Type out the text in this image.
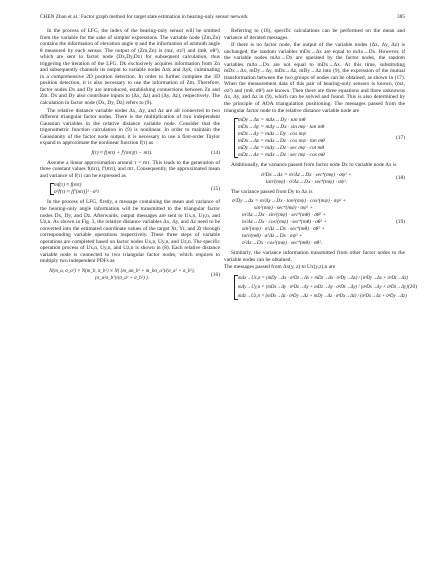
CHEN Zhan et al.: Factor graph method for target state estimation in bearing-only sensor network	385

In the process of LFG, the index of the bearing-only sensor will be omitted from the variable for the sake of simpler expressions. The variable node (Zm,Zn) contains the information of elevation angle ψ and the information of azimuth angle θ measured by each sensor. The output of (Zm,Zn) is (mz, σz²) and (mθ, σθ²), which are sent to factor node (Dx,Dy,Dz) for subsequent calculation, thus triggering the iteration of the LFG. Dk exclusively acquires information from Zn and subsequently channels its output to variable nodes Δxk and Δyk, culminating in a comprehensive 2D position detection. In order to further complete the 3D position detection, it is also necessary to use the information of Zm. Therefore, factor nodes Dx and Dy are introduced, establishing connections between Zn and Zm. Dx and Dy also contribute inputs to (Δx, Δz) and (Δy, Δz), respectively. The calculation in factor node (Dx, Dy, Dz) refers to (9).

The relative distance variable nodes Δx, Δy, and Δz are all connected to two different triangular factor nodes. There is the multiplication of two independent Gaussian variables in the relative distance variable node. Consider that the trigonometric function calculation in (9) is nonlinear. In order to maintain the Gaussianity of the factor node output, it is necessary to use a first-order Taylor expand to approximate the nonlinear function f(τ) as

f(τ) ≈ f(mτ) + f′(mτ)(τ − mτ).	(14)

Assume a linear approximation around τ = mτ. This leads to the generation of three constant values f(mτ), f′(mτ), and mτ. Consequently, the approximated mean and variance of f(τ) can be expressed as

mf(τ) ≈ f(mτ)
σ²f(τ) ≈ [f′(mτ)]² · σ²τ
(15)

In the process of LFG, firstly, a message containing the mean and variance of the bearing-only angle information will be transmitted to the triangular factor nodes Dx, Dy, and Dz. Afterwards, output messages are sent to Ux,n, Uy,n, and Uz,n. As shown in Fig. 3, the relative distance variables Δx, Δy, and Δz need to be converted into the estimated coordinate values of the target Xt, Yt, and Zt through corresponding variable operations respectively. These three steps of variable operations are completed based on factor nodes Ux,n, Uy,n, and Uz,n. The specific operation process of Ux,n, Uy,n, and Uz,n is shown in (8). Each relative distance variable node is connected to two triangular factor nodes, which requires to multiply two independent PDFs as

N(m_a, σ_a²) × N(m_b, σ_b²) ∝ N( (m_aσ_b² + m_bσ_a²)/(σ_a² + σ_b²), (σ_a²σ_b²)/(σ_a² + σ_b²) ).
(16)

Referring to (16), specific calculations can be performed on the mean and variance of iterated messages.

If there is no factor node, the output of the variable nodes (Δx, Δy, Δz) is unchanged, the random variables mDx→Δx are equal to mΔx→Dx. However, if the variable nodes mΔx→Dx are operated by the factor nodes, the random variables mΔx→Dx are not equal to mDx→Δx. At this time, substituting mDx→Δx, mDy→Δy, mDz→Δz, mDy→Δz into (9), the expression of the mutual transformation between the two groups of nodes can be obtained, as shown in (17). When the measurement data of this pair of bearing-only sensors is known, (mz, σz²) and (mθ, σθ²) are known. Then there are three equations and three unknowns Δx, Δy, and Δz in (9), which can be solved and found. This is also determined by the principle of AOA triangulation positioning. The messages passed from the triangular factor node to the relative distance variable node are

mDy→Δx = mΔx→Dy · tan mθ
mDx→Δy = mΔy→Dx · sin mψ · tan mθ
mDz→Δy = mΔz→Dy · cos mψ
mDx→Δz = mΔx→Dz · cos mψ · tan mθ
mDy→Δz = mΔy→Dz · sec mψ · cot mθ
mDz→Δx = mΔx→Dz · sec mψ · cos mθ
(17)

Additionally, the variance passed from factor node Dx to variable node Δx is

σ²Dx→Δx = m²Δz→Dx · sec⁴(mψ) · σψ² +
tan²(mψ) · σ²Δz→Dx · sec⁴(mψ) · σψ².
(18)

The variance passed from Dy to Δx is

σ²Dy→Δx = m²Δy→Dx · tan²(mψ) · cos²(mψ) · σψ² +
sin²(mψ) · sec⁴(mψ) · σψ² +
m²Δz→Dx · sin²(mψ) · sec⁴(mθ) · σθ² +
m²Δz→Dx · cos²(mψ) · sec⁴(mθ) · σθ² +
sin²(mψ) · σ²Δz→Dx · sec⁴(mθ) · σθ² +
tan²(mθ) · σ²Δz→Dx · σψ² +
σ²Δz→Dx · cos²(mψ) · sec⁴(mθ) · σθ².
(19)

Similarly, the variance information transmitted from other factor nodes to the variable nodes can be obtained.

The messages passed from Δx(y, z) to Ux(y,z),n are

mΔx→Ux,n = (mDy→Δx · σ²Dz→Δx + mDz→Δx · σ²Dy→Δx) / (σ²Dy→Δx + σ²Dz→Δx)
mΔy→Uy,n = (mDx→Δy · σ²Dz→Δy + mDz→Δy · σ²Dx→Δy) / (σ²Dx→Δy + σ²Dz→Δy)
mΔz→Uz,n = (mDx→Δz · σ²Dy→Δz + mDy→Δz · σ²Dx→Δz) / (σ²Dx→Δz + σ²Dy→Δz)
(20)
